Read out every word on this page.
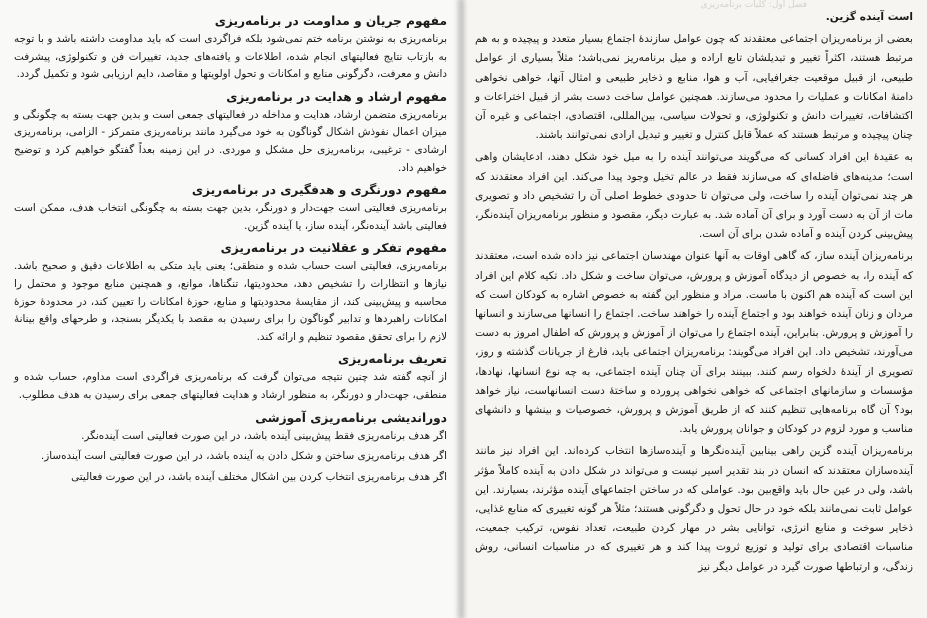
فصل اول: کلیات برنامه‌ریزی

است آینده گزین.

بعضی از برنامه‌ریزان اجتماعی معتقدند که چون عوامل سازندهٔ اجتماع بسیار متعدد و پیچیده و به هم مرتبط هستند، اکثراً تغییر و تبدیلشان تابع اراده و میل برنامه‌ریز نمی‌باشد؛ مثلاً بسیاری از عوامل طبیعی، از قبیل موقعیت جغرافیایی، آب و هوا، منابع و ذخایر طبیعی و امثال آنها، خواهی نخواهی دامنهٔ امکانات و عملیات را محدود می‌سازند. همچنین عوامل ساخت دست بشر از قبیل اختراعات و اکتشافات، تغییرات دانش و تکنولوژی، و تحولات سیاسی، بین‌المللی، اقتصادی، اجتماعی و غیره آن چنان پیچیده و مرتبط هستند که عملاً قابل کنترل و تغییر و تبدیل ارادی نمی‌توانند باشند.

به عقیدهٔ این افراد کسانی که می‌گویند می‌توانند آینده را به میل خود شکل دهند، ادعایشان واهی است؛ مدینه‌های فاضله‌ای که می‌سازند فقط در عالم تخیل وجود پیدا می‌کند. این افراد معتقدند که هر چند نمی‌توان آینده را ساخت، ولی می‌توان تا حدودی خطوط اصلی آن را تشخیص داد و تصویری مات از آن به دست آورد و برای آن آماده شد. به عبارت دیگر، مقصود و منظور برنامه‌ریزان آینده‌نگر، پیش‌بینی کردن آینده و آماده شدن برای آن است.

برنامه‌ریزان آینده ساز، که گاهی اوقات به آنها عنوان مهندسان اجتماعی نیز داده شده است، معتقدند که آینده را، به خصوص از دیدگاه آموزش و پرورش، می‌توان ساخت و شکل داد. تکیه کلام این افراد این است که آینده هم اکنون با ماست. مراد و منظور این گفته به خصوص اشاره به کودکان است که مردان و زنان آینده خواهند بود و اجتماع آینده را خواهند ساخت. اجتماع را انسانها می‌سازند و انسانها را آموزش و پرورش. بنابراین، آینده اجتماع را می‌توان از آموزش و پرورش که اطفال امروز به دست می‌آورند، تشخیص داد. این افراد می‌گویند: برنامه‌ریزان اجتماعی باید، فارغ از جریانات گذشته و روز، تصویری از آیندهٔ دلخواه رسم کنند. ببینند برای آن چنان آینده اجتماعی، به چه نوع انسانها، نهادها، مؤسسات و سازمانهای اجتماعی که خواهی نخواهی پرورده و ساختهٔ دست انسانهاست، نیاز خواهد بود؟ آن گاه برنامه‌هایی تنظیم کنند که از طریق آموزش و پرورش، خصوصیات و بینشها و دانشهای مناسب و مورد لزوم در کودکان و جوانان پرورش یابد.

برنامه‌ریزان آینده گزین راهی بینابین آینده‌نگرها و آینده‌سازها انتخاب کرده‌اند. این افراد نیز مانند آینده‌سازان معتقدند که انسان در بند تقدیر اسیر نیست و می‌تواند در شکل دادن به آینده کاملاً مؤثر باشد، ولی در عین حال باید واقع‌بین بود. عواملی که در ساختن اجتماعهای آینده مؤثرند، بسیارند. این عوامل ثابت نمی‌مانند بلکه خود در حال تحول و دگرگونی هستند؛ مثلاً هر گونه تغییری که منابع غذایی، ذخایر سوخت و منابع انرژی، توانایی بشر در مهار کردن طبیعت، تعداد نفوس، ترکیب جمعیت، مناسبات اقتصادی برای تولید و توزیع ثروت پیدا کند و هر تغییری که در مناسبات انسانی، روش زندگی، و ارتباطها صورت گیرد در عوامل دیگر نیز

مفهوم جریان و مداومت در برنامه‌ریزی

برنامه‌ریزی به نوشتن برنامه ختم نمی‌شود بلکه فراگردی است که باید مداومت داشته باشد و با توجه به بازتاب نتایج فعالیتهای انجام شده، اطلاعات و یافته‌های جدید، تغییرات فن و تکنولوژی، پیشرفت دانش و معرفت، دگرگونی منابع و امکانات و تحول اولویتها و مقاصد، دایم ارزیابی شود و تکمیل گردد.

مفهوم ارشاد و هدایت در برنامه‌ریزی

برنامه‌ریزی متضمن ارشاد، هدایت و مداخله در فعالیتهای جمعی است و بدین جهت بسته به چگونگی و میزان اعمال نفوذش اشکال گوناگون به خود می‌گیرد مانند برنامه‌ریزی متمرکز - الزامی، برنامه‌ریزی ارشادی - ترغیبی، برنامه‌ریزی حل مشکل و موردی. در این زمینه بعداً گفتگو خواهیم کرد و توضیح خواهیم داد.

مفهوم دورنگری و هدفگیری در برنامه‌ریزی

برنامه‌ریزی فعالیتی است جهت‌دار و دورنگر، بدین جهت بسته به چگونگی انتخاب هدف، ممکن است فعالیتی باشد آینده‌نگر، آینده ساز، یا آینده گزین.

مفهوم تفکر و عقلانیت در برنامه‌ریزی

برنامه‌ریزی، فعالیتی است حساب شده و منطقی؛ یعنی باید متکی به اطلاعات دقیق و صحیح باشد. نیازها و انتظارات را تشخیص دهد، محدودیتها، تنگناها، موانع، و همچنین منابع موجود و محتمل را محاسبه و پیش‌بینی کند، از مقایسهٔ محدودیتها و منابع، حوزهٔ امکانات را تعیین کند، در محدودهٔ حوزهٔ امکانات راهبردها و تدابیر گوناگون را برای رسیدن به مقصد با یکدیگر بسنجد، و طرحهای واقع بینانهٔ لازم را برای تحقق مقصود تنظیم و ارائه کند.

تعریف برنامه‌ریزی

از آنچه گفته شد چنین نتیجه می‌توان گرفت که برنامه‌ریزی فراگردی است مداوم، حساب شده و منطقی، جهت‌دار و دورنگر، به منظور ارشاد و هدایت فعالیتهای جمعی برای رسیدن به هدف مطلوب.

دوراندیشی برنامه‌ریزی آموزشی

اگر هدف برنامه‌ریزی فقط پیش‌بینی آینده باشد، در این صورت فعالیتی است آینده‌نگر.

اگر هدف برنامه‌ریزی ساختن و شکل دادن به آینده باشد، در این صورت فعالیتی است آینده‌ساز.

اگر هدف برنامه‌ریزی انتخاب کردن بین اشکال مختلف آینده باشد، در این صورت فعالیتی
